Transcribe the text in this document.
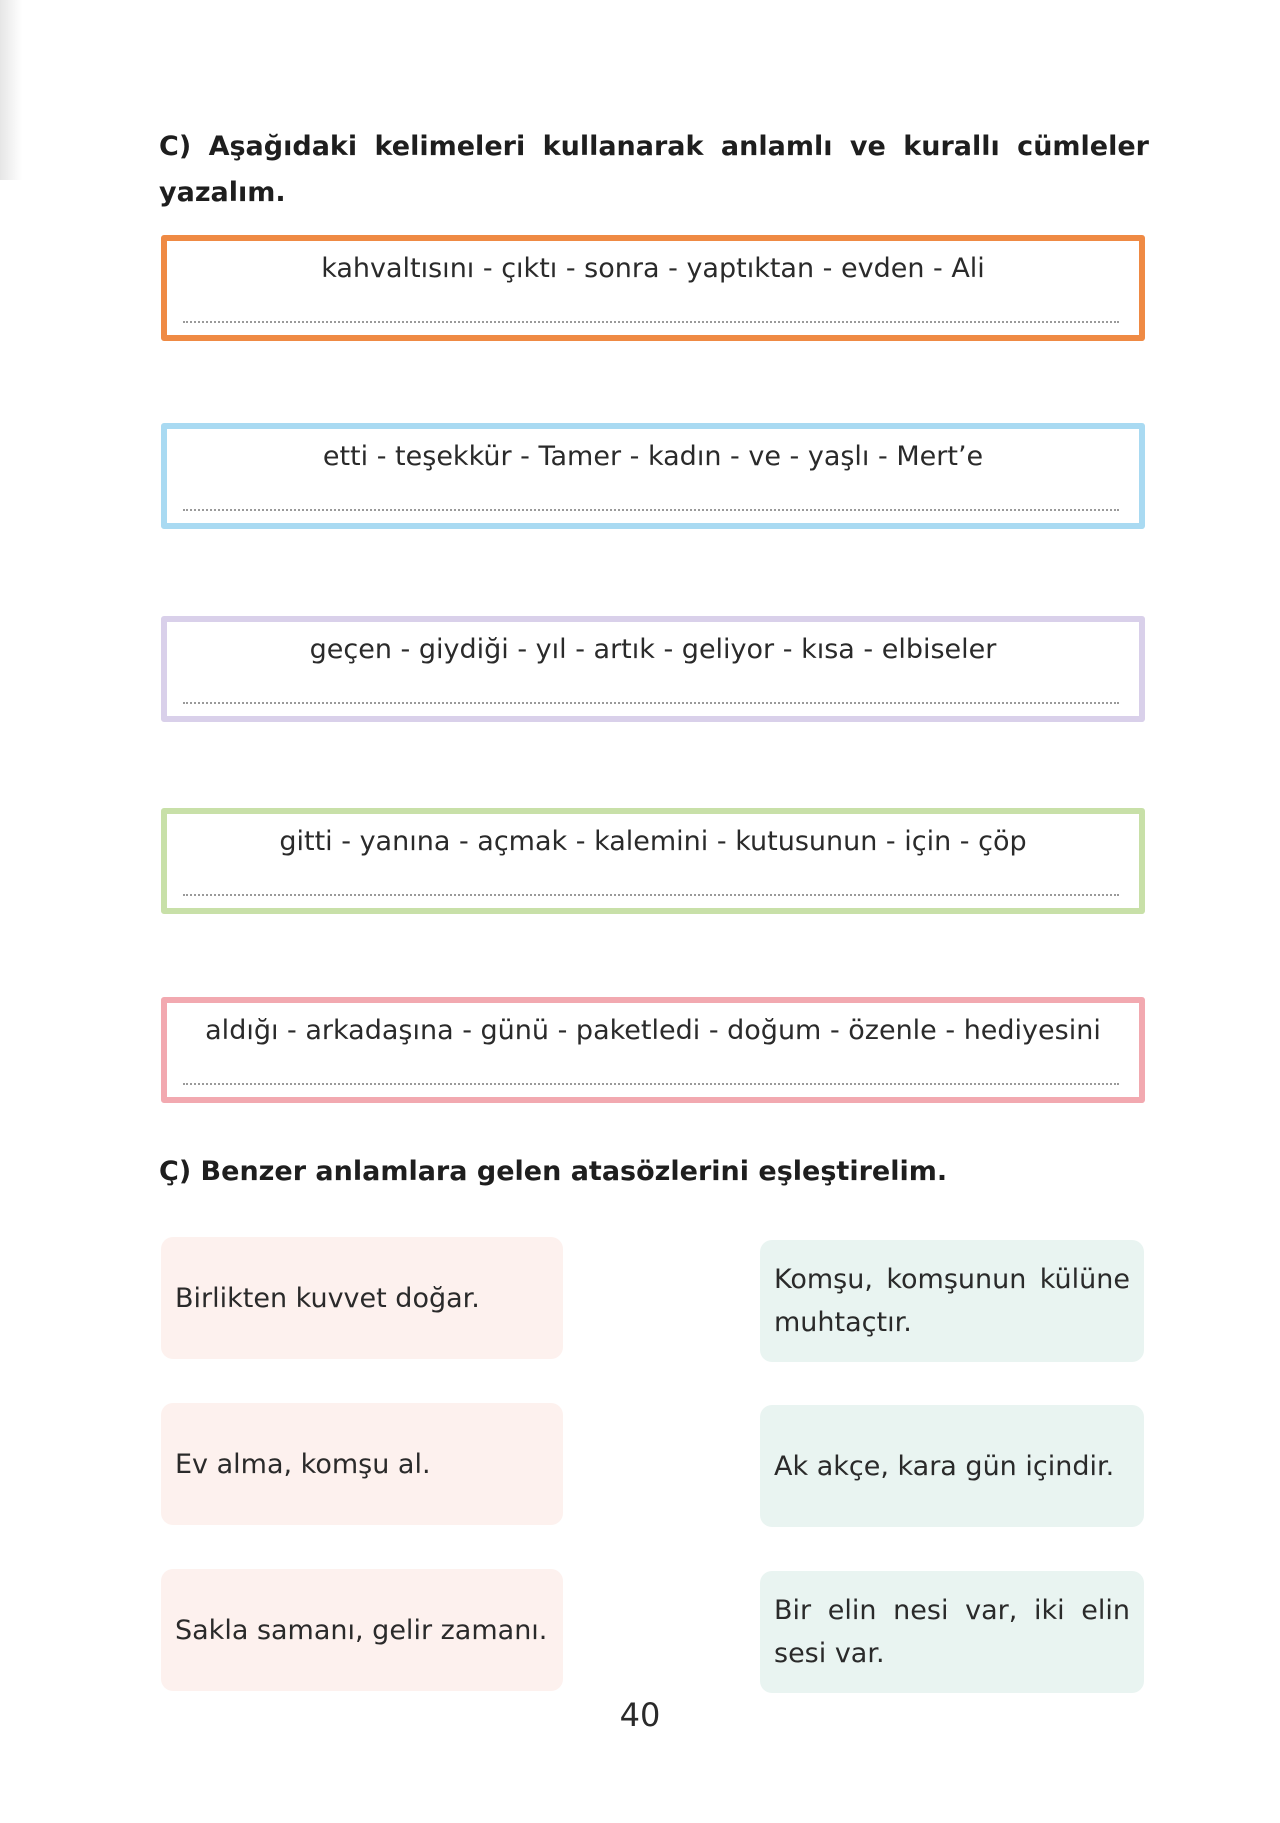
C) Aşağıdaki kelimeleri kullanarak anlamlı ve kurallı cümleler yazalım.
kahvaltısını - çıktı - sonra - yaptıktan - evden - Ali
etti - teşekkür - Tamer - kadın - ve - yaşlı - Mert’e
geçen - giydiği - yıl - artık - geliyor - kısa - elbiseler
gitti - yanına - açmak - kalemini - kutusunun - için - çöp
aldığı - arkadaşına - günü - paketledi - doğum - özenle - hediyesini
Ç) Benzer anlamlara gelen atasözlerini eşleştirelim.
Birlikten kuvvet doğar.
Ev alma, komşu al.
Sakla samanı, gelir zamanı.
Komşu, komşunun külüne muhtaçtır.
Ak akçe, kara gün içindir.
Bir elin nesi var, iki elin sesi var.
40
